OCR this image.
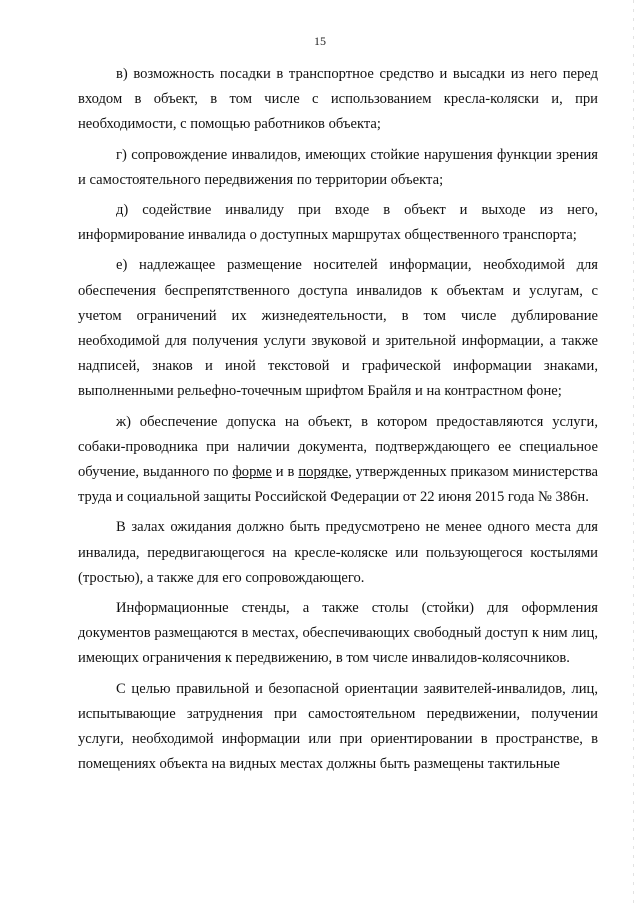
15

в) возможность посадки в транспортное средство и высадки из него перед входом в объект, в том числе с использованием кресла-коляски и, при необходимости, с помощью работников объекта;

г) сопровождение инвалидов, имеющих стойкие нарушения функции зрения и самостоятельного передвижения по территории объекта;

д) содействие инвалиду при входе в объект и выходе из него, информирование инвалида о доступных маршрутах общественного транспорта;

е) надлежащее размещение носителей информации, необходимой для обеспечения беспрепятственного доступа инвалидов к объектам и услугам, с учетом ограничений их жизнедеятельности, в том числе дублирование необходимой для получения услуги звуковой и зрительной информации, а также надписей, знаков и иной текстовой и графической информации знаками, выполненными рельефно-точечным шрифтом Брайля и на контрастном фоне;

ж) обеспечение допуска на объект, в котором предоставляются услуги, собаки-проводника при наличии документа, подтверждающего ее специальное обучение, выданного по форме и в порядке, утвержденных приказом министерства труда и социальной защиты Российской Федерации от 22 июня 2015 года № 386н.

В залах ожидания должно быть предусмотрено не менее одного места для инвалида, передвигающегося на кресле-коляске или пользующегося костылями (тростью), а также для его сопровождающего.

Информационные стенды, а также столы (стойки) для оформления документов размещаются в местах, обеспечивающих свободный доступ к ним лиц, имеющих ограничения к передвижению, в том числе инвалидов-колясочников.

С целью правильной и безопасной ориентации заявителей-инвалидов, лиц, испытывающие затруднения при самостоятельном передвижении, получении услуги, необходимой информации или при ориентировании в пространстве, в помещениях объекта на видных местах должны быть размещены тактильные
